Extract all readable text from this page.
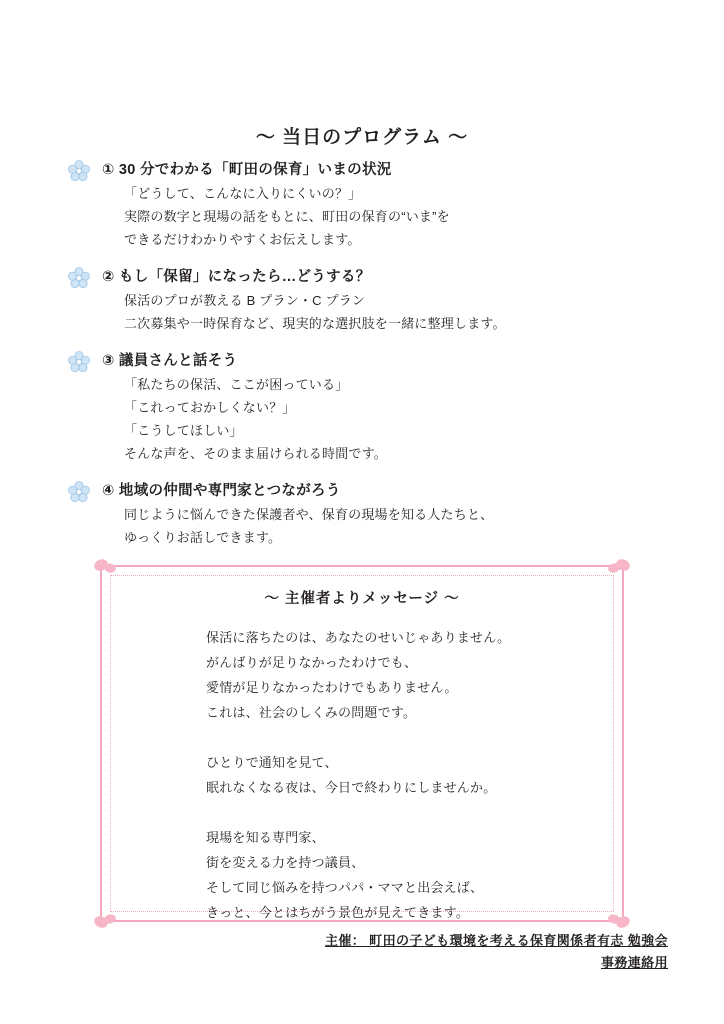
〜 当日のプログラム 〜
① 30 分でわかる「町田の保育」いまの状況
「どうして、こんなに入りにくいの？」
実際の数字と現場の話をもとに、町田の保育の“いま”を
できるだけわかりやすくお伝えします。
② もし「保留」になったら…どうする？
保活のプロが教える B プラン・C プラン
二次募集や一時保育など、現実的な選択肢を一緒に整理します。
③ 議員さんと話そう
「私たちの保活、ここが困っている」
「これっておかしくない？」
「こうしてほしい」
そんな声を、そのまま届けられる時間です。
④ 地域の仲間や専門家とつながろう
同じように悩んできた保護者や、保育の現場を知る人たちと、
ゆっくりお話しできます。
〜 主催者よりメッセージ 〜
保活に落ちたのは、あなたのせいじゃありません。
がんばりが足りなかったわけでも、
愛情が足りなかったわけでもありません。
これは、社会のしくみの問題です。
ひとりで通知を見て、
眠れなくなる夜は、今日で終わりにしませんか。
現場を知る専門家、
街を変える力を持つ議員、
そして同じ悩みを持つパパ・ママと出会えば、
きっと、今とはちがう景色が見えてきます。
主催： 町田の子ども環境を考える保育関係者有志 勉強会
事務連絡用
